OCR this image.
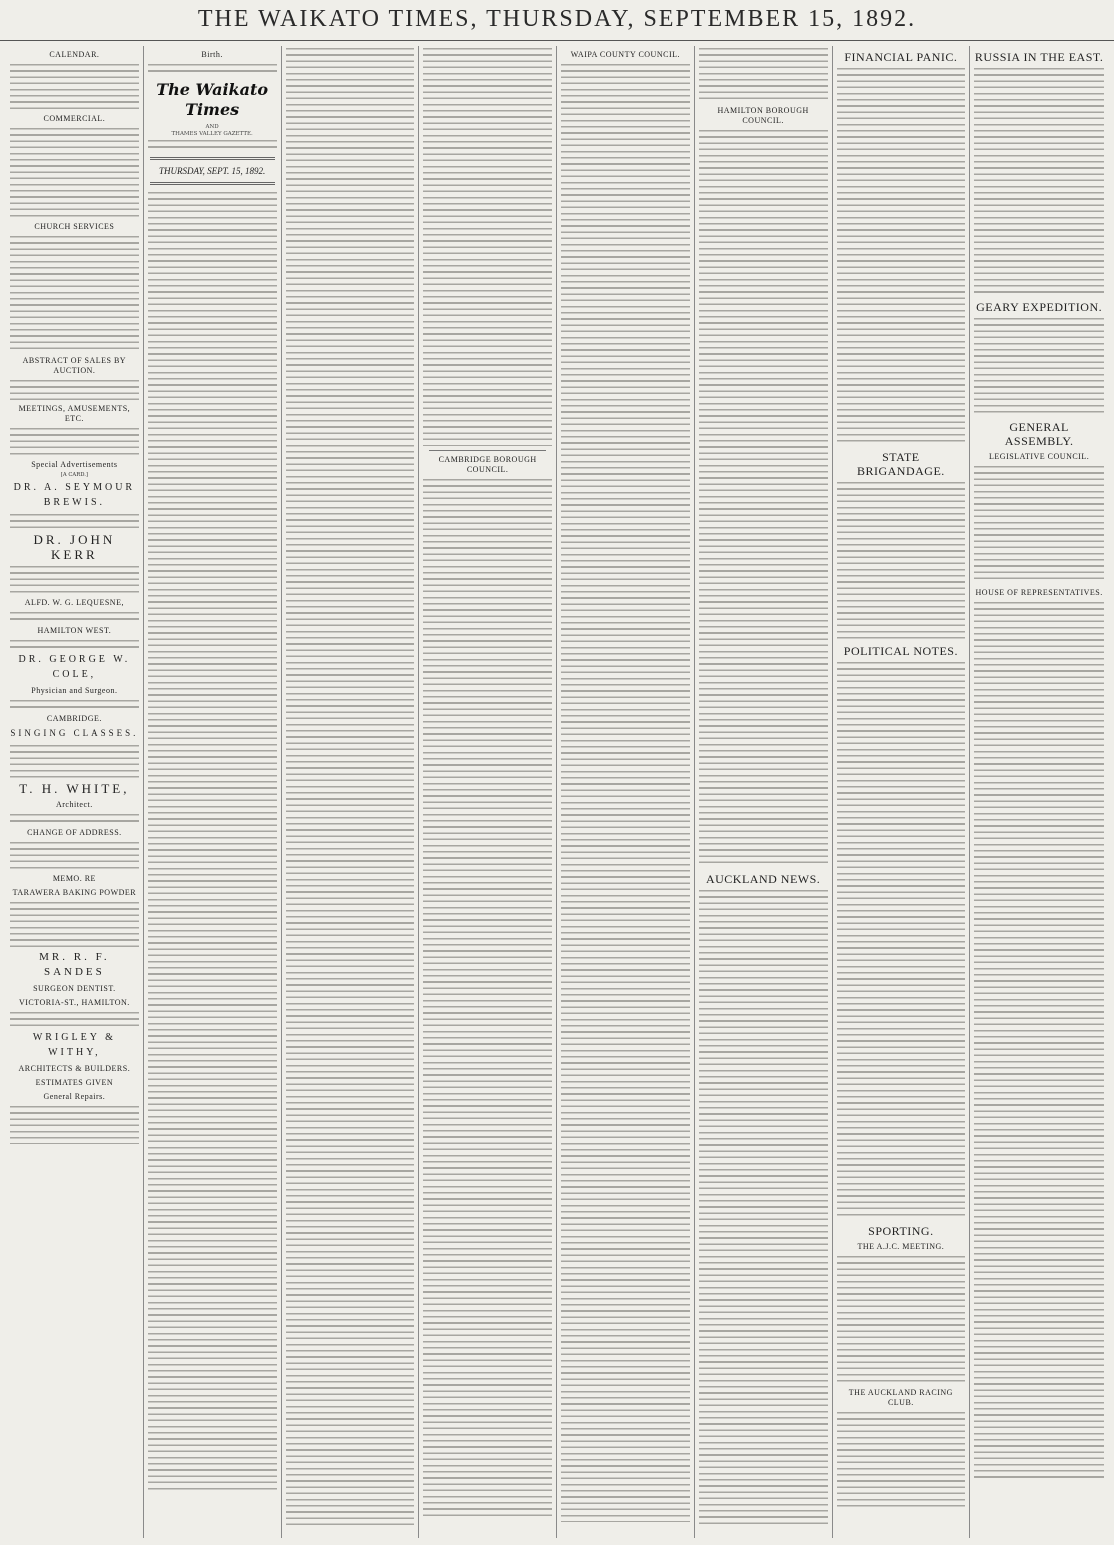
THE WAIKATO TIMES, THURSDAY, SEPTEMBER 15, 1892.
CALENDAR.
COMMERCIAL.
CHURCH SERVICES
ABSTRACT OF SALES BY AUCTION.
MEETINGS, AMUSEMENTS, ETC.
Special Advertisements
[A CARD.]
DR. A. SEYMOUR BREWIS.
DR. JOHN KERR
ALFD. W. G. LEQUESNE,
HAMILTON WEST.
DR. GEORGE W. COLE,
Physician and Surgeon.
CAMBRIDGE.
SINGING CLASSES.
T. H. WHITE,
Architect.
CHANGE OF ADDRESS.
MEMO. RE
TARAWERA BAKING POWDER
MR. R. F. SANDES
SURGEON DENTIST.
VICTORIA-ST., HAMILTON.
WRIGLEY & WITHY,
ARCHITECTS & BUILDERS.
ESTIMATES GIVEN
General Repairs.
Birth.
The Waikato Times
AND
THAMES VALLEY GAZETTE.
THURSDAY, SEPT. 15, 1892.
CAMBRIDGE BOROUGH COUNCIL.
WAIPA COUNTY COUNCIL.
HAMILTON BOROUGH COUNCIL.
AUCKLAND NEWS.
FINANCIAL PANIC.
STATE BRIGANDAGE.
POLITICAL NOTES.
SPORTING.
THE A.J.C. MEETING.
THE AUCKLAND RACING CLUB.
RUSSIA IN THE EAST.
GEARY EXPEDITION.
GENERAL ASSEMBLY.
LEGISLATIVE COUNCIL.
HOUSE OF REPRESENTATIVES.
